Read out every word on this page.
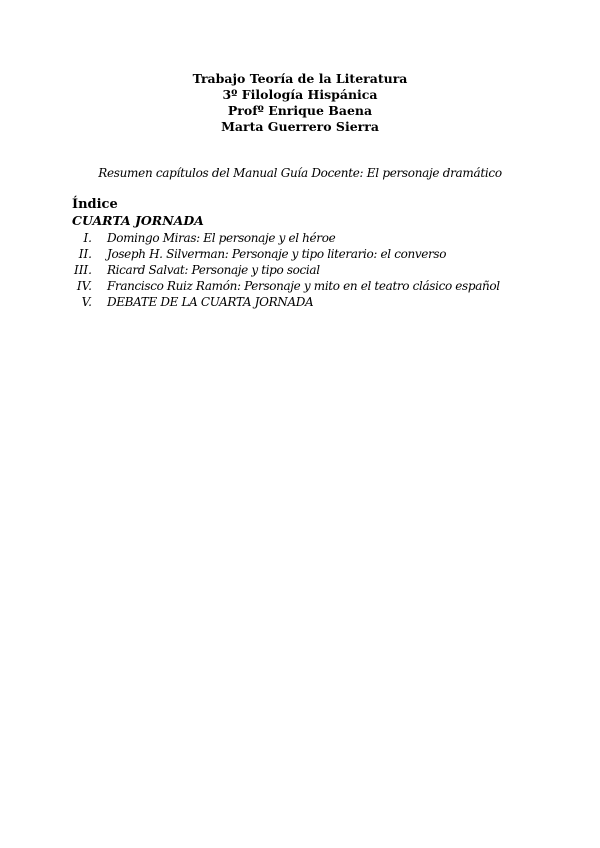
Trabajo Teoría de la Literatura
3º Filología Hispánica
Profº Enrique Baena
Marta Guerrero Sierra
Resumen capítulos del Manual Guía Docente: El personaje dramático
Índice
CUARTA JORNADA
I. Domingo Miras: El personaje y el héroe
II. Joseph H. Silverman: Personaje y tipo literario: el converso
III. Ricard Salvat: Personaje y tipo social
IV. Francisco Ruiz Ramón: Personaje y mito en el teatro clásico español
V. DEBATE DE LA CUARTA JORNADA
